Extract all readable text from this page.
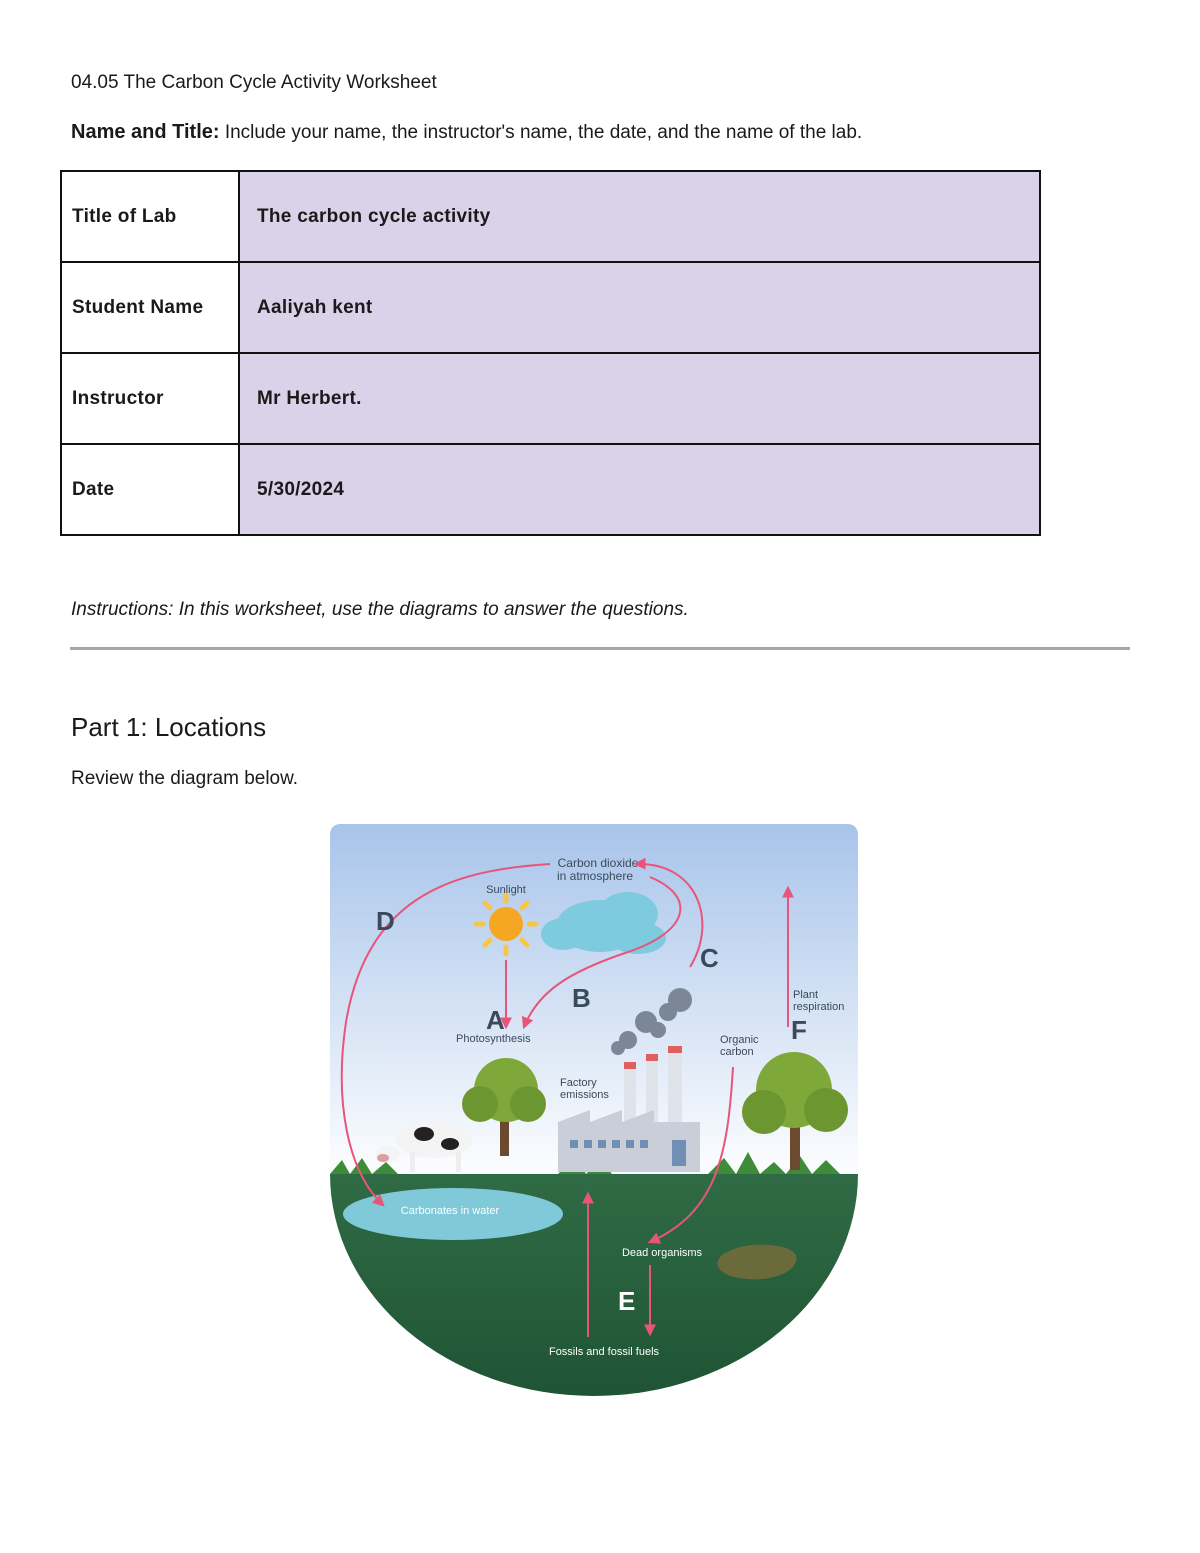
04.05 The Carbon Cycle Activity Worksheet
Name and Title: Include your name, the instructor's name, the date, and the name of the lab.
Title of Lab	The carbon cycle activity
Student Name	Aaliyah kent
Instructor	Mr Herbert.
Date	5/30/2024
Instructions: In this worksheet, use the diagrams to answer the questions.
Part 1: Locations
Review the diagram below.
Carbonates in water
Sunlight
Carbon dioxide
in atmosphere
A
B
C
D
E
F
Photosynthesis
Factory
emissions
Organic
carbon
Plant
respiration
Dead organisms
Fossils and fossil fuels
